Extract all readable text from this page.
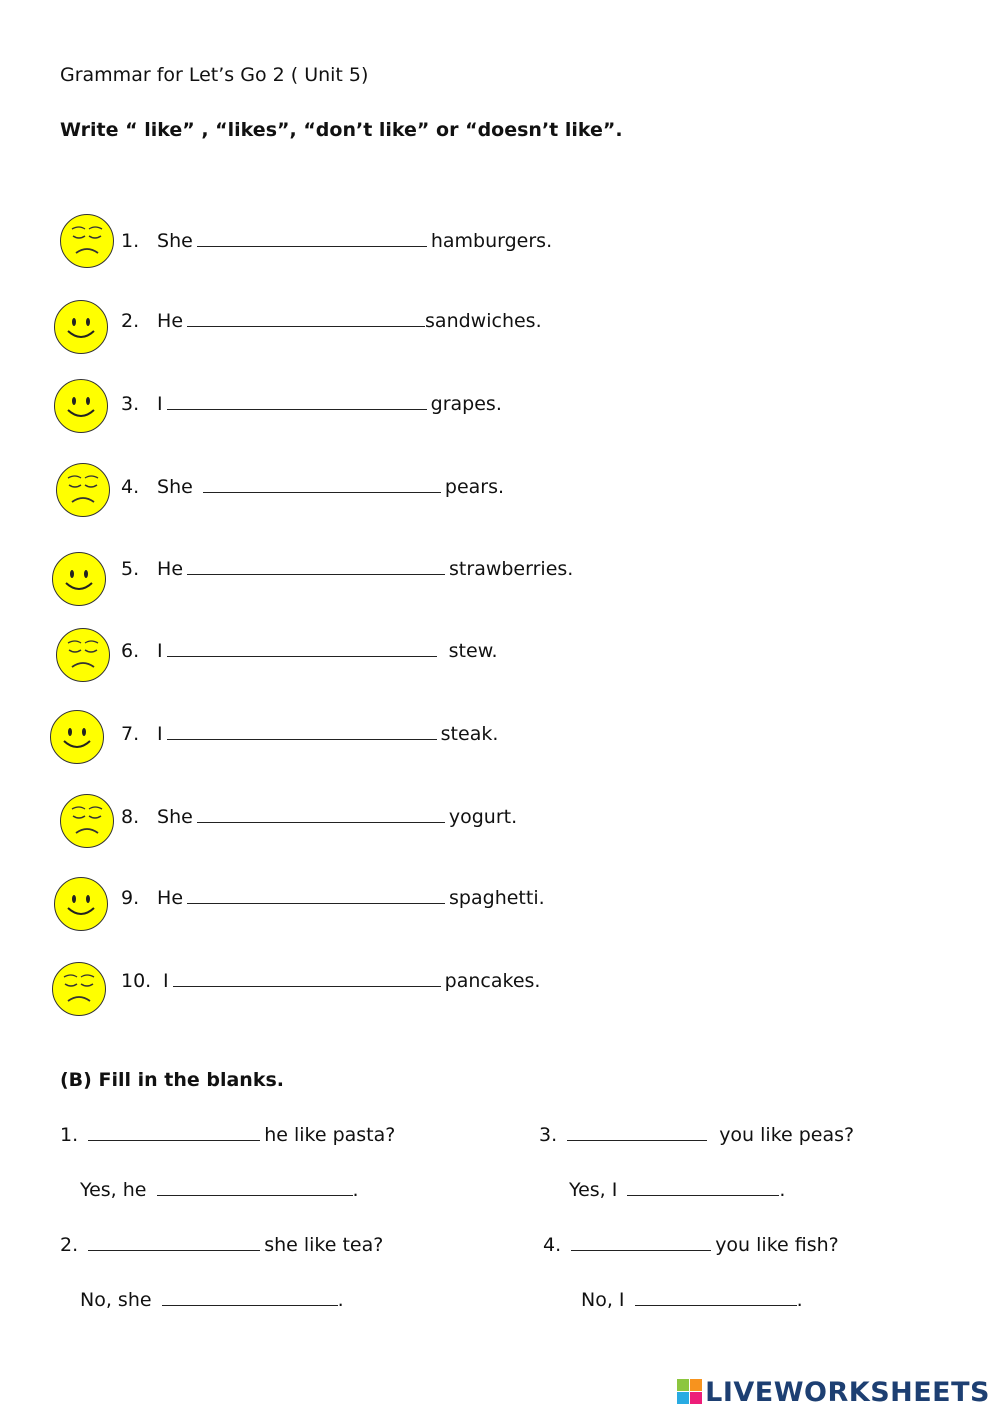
Grammar for Let’s Go 2 ( Unit 5)
Write “ like” , “likes”, “don’t like” or “doesn’t like”.
1. She	hamburgers.
2. He	sandwiches.
3. I	grapes.
4. She	pears.
5. He	strawberries.
6. I	stew.
7. I	steak.
8. She	yogurt.
9. He	spaghetti.
10. I	pancakes.
(B) Fill in the blanks.
1.	he like pasta?
Yes, he	.
2.	she like tea?
No, she	.
3.	you like peas?
Yes, I	.
4.	you like fish?
No, I	.
LIVEWORKSHEETS
